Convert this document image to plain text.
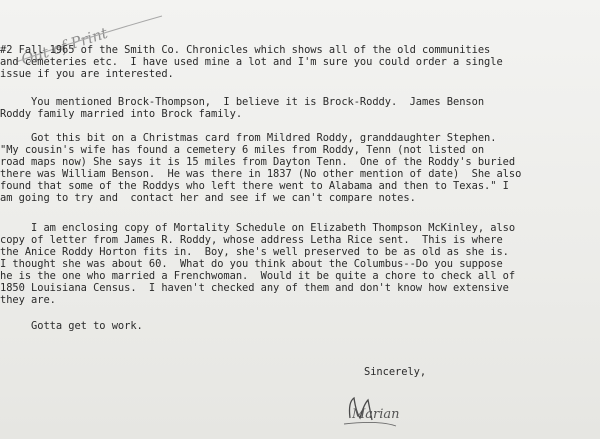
Out of Print
#2 Fall 1965 of the Smith Co. Chronicles which shows all of the old communities
and cemeteries etc.  I have used mine a lot and I'm sure you could order a single
issue if you are interested.
You mentioned Brock-Thompson,  I believe it is Brock-Roddy.  James Benson
Roddy family married into Brock family.
Got this bit on a Christmas card from Mildred Roddy, granddaughter Stephen.
"My cousin's wife has found a cemetery 6 miles from Roddy, Tenn (not listed on
road maps now) She says it is 15 miles from Dayton Tenn.  One of the Roddy's buried
there was William Benson.  He was there in 1837 (No other mention of date)  She also
found that some of the Roddys who left there went to Alabama and then to Texas." I
am going to try and  contact her and see if we can't compare notes.
I am enclosing copy of Mortality Schedule on Elizabeth Thompson McKinley, also
copy of letter from James R. Roddy, whose address Letha Rice sent.  This is where
the Anice Roddy Horton fits in.  Boy, she's well preserved to be as old as she is.
I thought she was about 60.  What do you think about the Columbus--Do you suppose
he is the one who married a Frenchwoman.  Would it be quite a chore to check all of
1850 Louisiana Census.  I haven't checked any of them and don't know how extensive
they are.
Gotta get to work.
Sincerely,
Marian
